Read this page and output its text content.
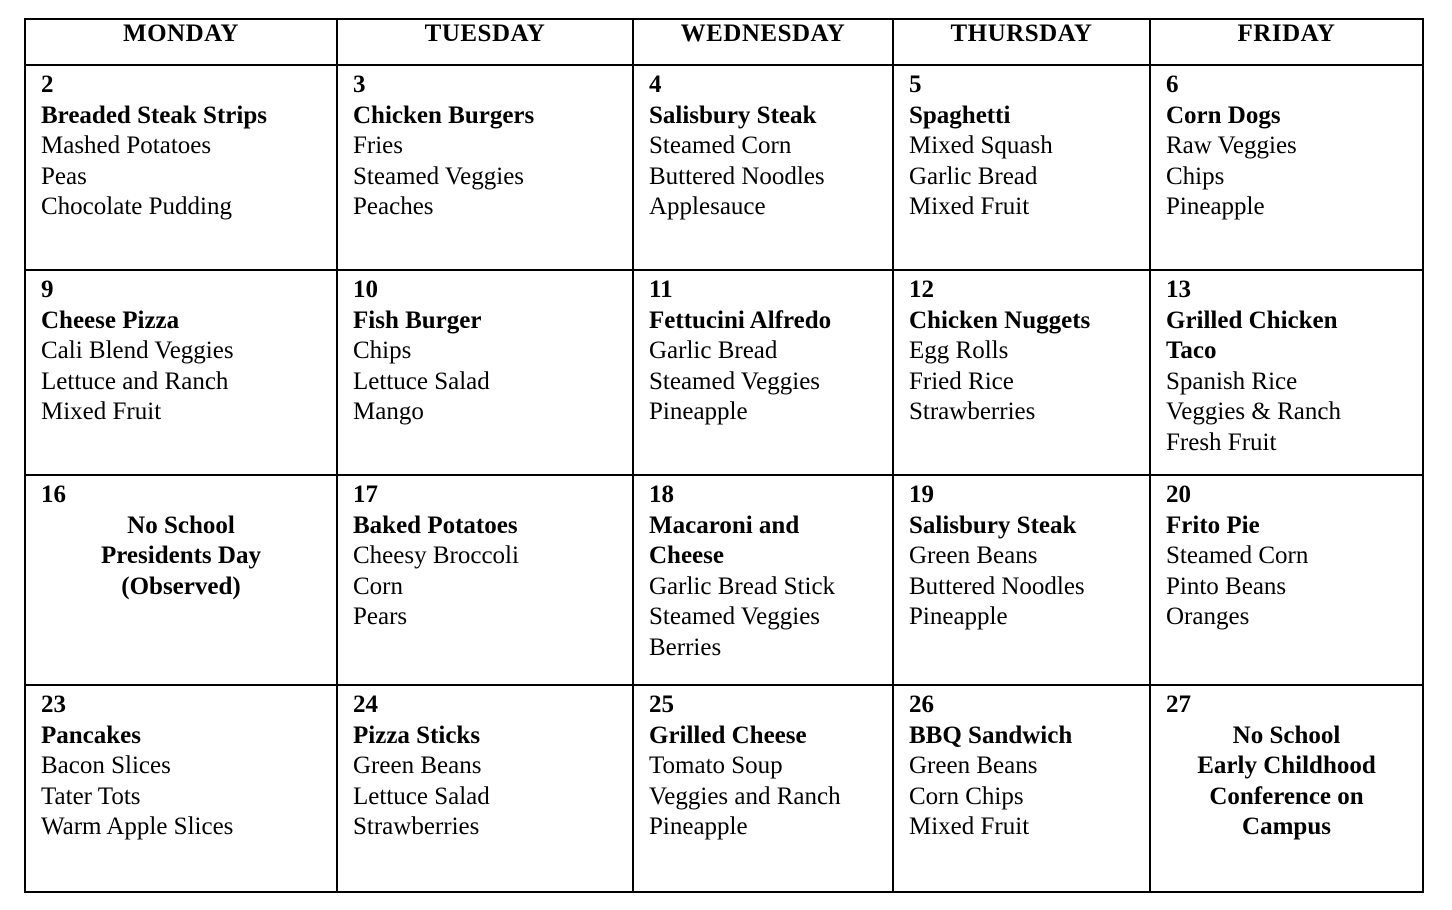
MONDAY	TUESDAY	WEDNESDAY	THURSDAY	FRIDAY

2
Breaded Steak Strips
Mashed Potatoes
Peas
Chocolate Pudding	3
Chicken Burgers
Fries
Steamed Veggies
Peaches	4
Salisbury Steak
Steamed Corn
Buttered Noodles
Applesauce	5
Spaghetti
Mixed Squash
Garlic Bread
Mixed Fruit	6
Corn Dogs
Raw Veggies
Chips
Pineapple

9
Cheese Pizza
Cali Blend Veggies
Lettuce and Ranch
Mixed Fruit	10
Fish Burger
Chips
Lettuce Salad
Mango	11
Fettucini Alfredo
Garlic Bread
Steamed Veggies
Pineapple	12
Chicken Nuggets
Egg Rolls
Fried Rice
Strawberries	13
Grilled Chicken Taco
Spanish Rice
Veggies & Ranch
Fresh Fruit

16
No School
Presidents Day
(Observed)	17
Baked Potatoes
Cheesy Broccoli
Corn
Pears	18
Macaroni and Cheese
Garlic Bread Stick
Steamed Veggies
Berries	19
Salisbury Steak
Green Beans
Buttered Noodles
Pineapple	20
Frito Pie
Steamed Corn
Pinto Beans
Oranges

23
Pancakes
Bacon Slices
Tater Tots
Warm Apple Slices	24
Pizza Sticks
Green Beans
Lettuce Salad
Strawberries	25
Grilled Cheese
Tomato Soup
Veggies and Ranch
Pineapple	26
BBQ Sandwich
Green Beans
Corn Chips
Mixed Fruit	27
No School
Early Childhood
Conference on
Campus
